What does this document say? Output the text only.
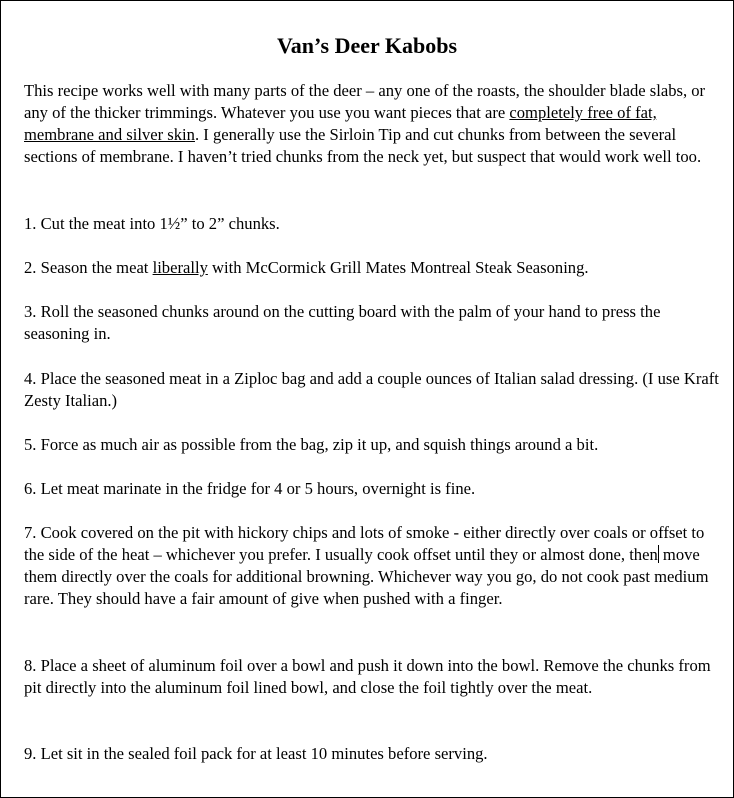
Van’s Deer Kabobs

This recipe works well with many parts of the deer – any one of the roasts, the shoulder blade slabs, or any of the thicker trimmings. Whatever you use you want pieces that are completely free of fat, membrane and silver skin. I generally use the Sirloin Tip and cut chunks from between the several sections of membrane. I haven’t tried chunks from the neck yet, but suspect that would work well too.

1. Cut the meat into 1½” to 2” chunks.

2. Season the meat liberally with McCormick Grill Mates Montreal Steak Seasoning.

3. Roll the seasoned chunks around on the cutting board with the palm of your hand to press the seasoning in.

4. Place the seasoned meat in a Ziploc bag and add a couple ounces of Italian salad dressing. (I use Kraft Zesty Italian.)

5. Force as much air as possible from the bag, zip it up, and squish things around a bit.

6. Let meat marinate in the fridge for 4 or 5 hours, overnight is fine.

7. Cook covered on the pit with hickory chips and lots of smoke - either directly over coals or offset to the side of the heat – whichever you prefer. I usually cook offset until they or almost done, then move them directly over the coals for additional browning. Whichever way you go, do not cook past medium rare. They should have a fair amount of give when pushed with a finger.

8. Place a sheet of aluminum foil over a bowl and push it down into the bowl. Remove the chunks from pit directly into the aluminum foil lined bowl, and close the foil tightly over the meat.

9. Let sit in the sealed foil pack for at least 10 minutes before serving.
